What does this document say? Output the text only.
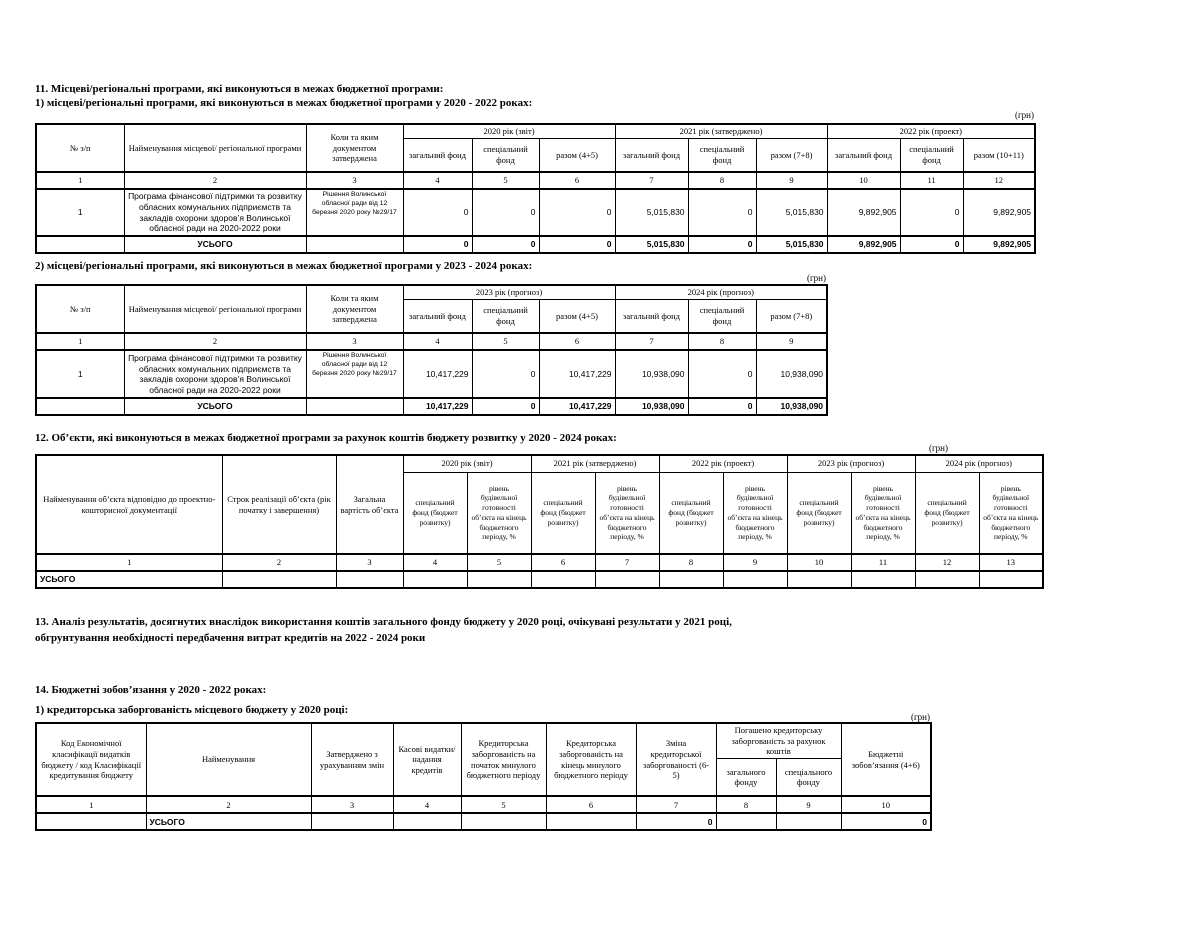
11. Місцеві/регіональні програми, які виконуються в межах бюджетної програми:
1) місцеві/регіональні програми, які виконуються в межах бюджетної програми у 2020 - 2022 роках:
(грн)
№ з/п	Найменування місцевої/ регіональної програми	Коли та яким документом затверджена	2020 рік (звіт)			2021 рік (затверджено)			2022 рік (проект)		
			загальний фонд	спеціальний фонд	разом (4+5)	загальний фонд	спеціальний фонд	разом (7+8)	загальний фонд	спеціальний фонд	разом (10+11)
1	2	3	4	5	6	7	8	9	10	11	12
1	Програма фінансової підтримки та розвитку обласних комунальних підприємств та закладів охорони здоров’я Волинської обласної ради на 2020-2022 роки	Рішення Волинської обласної ради від 12 березня 2020 року №29/17	0	0	0	5,015,830	0	5,015,830	9,892,905	0	9,892,905
	УСЬОГО		0	0	0	5,015,830	0	5,015,830	9,892,905	0	9,892,905
2) місцеві/регіональні програми, які виконуються в межах бюджетної програми у 2023 - 2024 роках:
(грн)
№ з/п	Найменування місцевої/ регіональної програми	Коли та яким документом затверджена	2023 рік (прогноз)			2024 рік (прогноз)		
			загальний фонд	спеціальний фонд	разом (4+5)	загальний фонд	спеціальний фонд	разом (7+8)
1	2	3	4	5	6	7	8	9
1	Програма фінансової підтримки та розвитку обласних комунальних підприємств та закладів охорони здоров’я Волинської обласної ради на 2020-2022 роки	Рішення Волинської обласної ради від 12 березня 2020 року №29/17	10,417,229	0	10,417,229	10,938,090	0	10,938,090
	УСЬОГО		10,417,229	0	10,417,229	10,938,090	0	10,938,090
12. Об’єкти, які виконуються в межах бюджетної програми за рахунок коштів бюджету розвитку у 2020 - 2024 роках:
(грн)
Найменування об’єкта відповідно до проектно-кошторисної документації	Строк реалізації об’єкта (рік початку і завершення)	Загальна вартість об’єкта	2020 рік (звіт)		2021 рік (затверджено)		2022 рік (проект)		2023 рік (прогноз)		2024 рік (прогноз)	
			спеціальний фонд (бюджет розвитку)	рівень будівельної готовності об’єкта на кінець бюджетного періоду, %	спеціальний фонд (бюджет розвитку)	рівень будівельної готовності об’єкта на кінець бюджетного періоду, %	спеціальний фонд (бюджет розвитку)	рівень будівельної готовності об’єкта на кінець бюджетного періоду, %	спеціальний фонд (бюджет розвитку)	рівень будівельної готовності об’єкта на кінець бюджетного періоду, %	спеціальний фонд (бюджет розвитку)	рівень будівельної готовності об’єкта на кінець бюджетного періоду, %
1	2	3	4	5	6	7	8	9	10	11	12	13
УСЬОГО												
13. Аналіз результатів, досягнутих внаслідок використання коштів загального фонду бюджету у 2020 році, очікувані результати у 2021 році, обгрунтування необхідності передбачення витрат кредитів на 2022 - 2024 роки
14. Бюджетні зобов’язання у 2020 - 2022 роках:
1) кредиторська заборгованість місцевого бюджету у 2020 році:
(грн)
Код Економічної класифікації видатків бюджету / код Класифікації кредитування бюджету	Найменування	Затверджено з урахуванням змін	Касові видатки/ надання кредитів	Кредиторська заборгованість на початок минулого бюджетного періоду	Кредиторська заборгованість на кінець минулого бюджетного періоду	Зміна кредиторської заборгованості (6-5)	Погашено кредиторську заборгованість за рахунок коштів		Бюджетні зобов’язання (4+6)
							загального фонду	спеціального фонду	
1	2	3	4	5	6	7	8	9	10
	УСЬОГО					0			0
